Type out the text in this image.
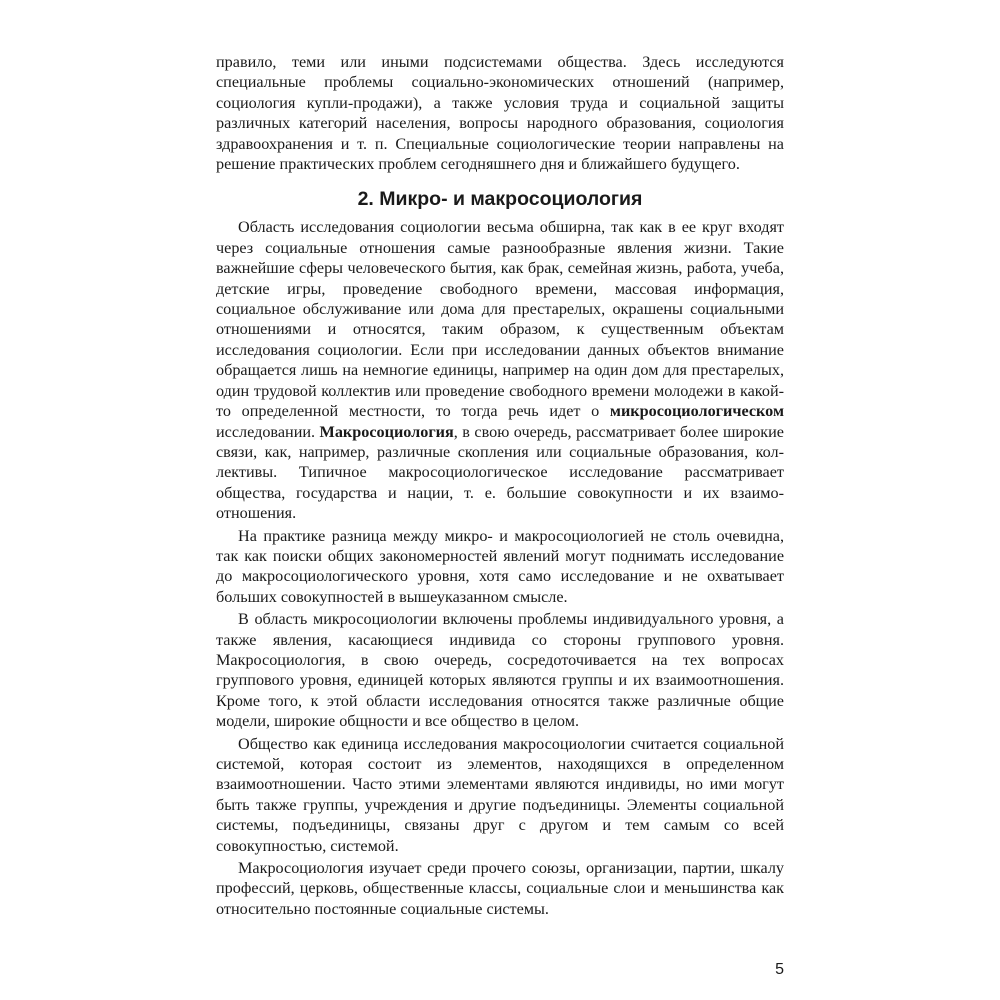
правило, теми или иными подсистемами общества. Здесь исследуются специальные проблемы социально-экономических отношений (например, социология купли-продажи), а также условия труда и социальной защиты различных категорий населения, вопросы народного образования, социология здравоохранения и т. п. Специальные социологические теории направлены на решение практических проблем сегодняшнего дня и ближайшего будущего.

2. Микро- и макросоциология

Область исследования социологии весьма обширна, так как в ее круг входят через социальные отношения самые разнообразные явления жизни. Такие важнейшие сферы человеческого бытия, как брак, семейная жизнь, работа, учеба, детские игры, проведение свободного времени, массовая информация, социальное обслуживание или дома для престарелых, окрашены социальными отношениями и относятся, таким образом, к существенным объектам исследования социологии. Если при исследовании данных объектов внимание обращается лишь на немногие единицы, например на один дом для престарелых, один трудовой коллектив или проведение свободного времени молодежи в какой-то определенной местности, то тогда речь идет о микросоциологическом исследовании. Макросоциология, в свою очередь, рассматривает более широкие связи, как, например, различные скопления или социальные образования, коллективы. Типичное макросоциологическое исследование рассматривает общества, государства и нации, т. е. большие совокупности и их взаимоотношения.

На практике разница между микро- и макросоциологией не столь очевидна, так как поиски общих закономерностей явлений могут поднимать исследование до макросоциологического уровня, хотя само исследование и не охватывает больших совокупностей в вышеуказанном смысле.

В область микросоциологии включены проблемы индивидуального уровня, а также явления, касающиеся индивида со стороны группового уровня. Макросоциология, в свою очередь, сосредоточивается на тех вопросах группового уровня, единицей которых являются группы и их взаимоотношения. Кроме того, к этой области исследования относятся также различные общие модели, широкие общности и все общество в целом.

Общество как единица исследования макросоциологии считается социальной системой, которая состоит из элементов, находящихся в определенном взаимоотношении. Часто этими элементами являются индивиды, но ими могут быть также группы, учреждения и другие подъединицы. Элементы социальной системы, подъединицы, связаны друг с другом и тем самым со всей совокупностью, системой.

Макросоциология изучает среди прочего союзы, организации, партии, шкалу профессий, церковь, общественные классы, социальные слои и меньшинства как относительно постоянные социальные системы.

5
